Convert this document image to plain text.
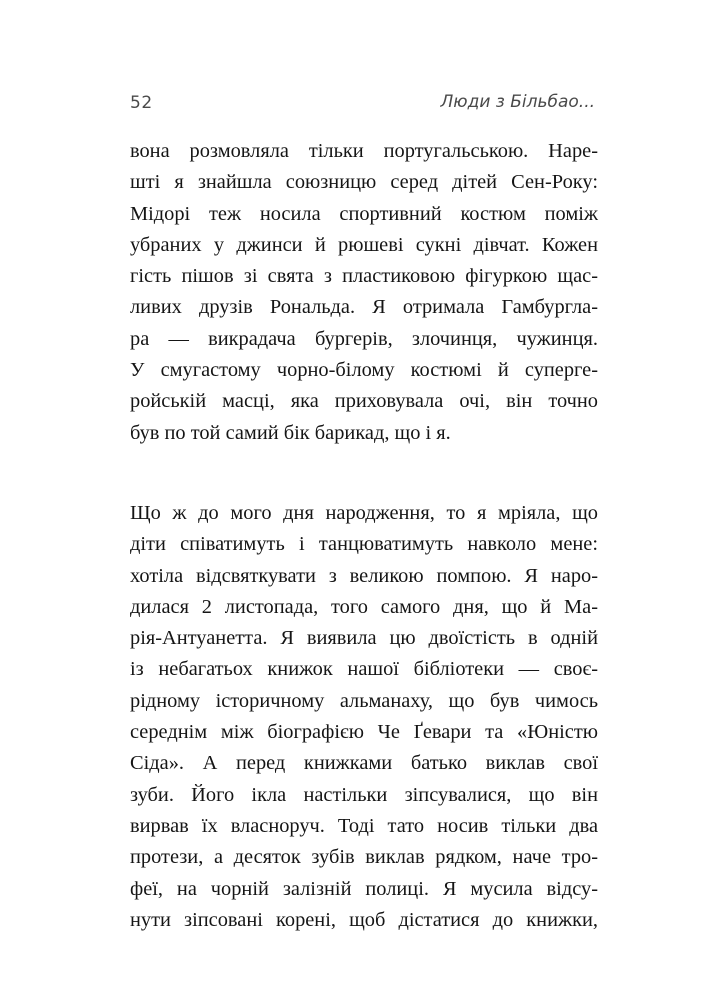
52	Люди з Більбао...
вона розмовляла тільки португальською. Наре-
шті я знайшла союзницю серед дітей Сен-Року:
Мідорі теж носила спортивний костюм поміж
убраних у джинси й рюшеві сукні дівчат. Кожен
гість пішов зі свята з пластиковою фігуркою щас-
ливих друзів Рональда. Я отримала Гамбургла-
ра — викрадача бургерів, злочинця, чужинця.
У смугастому чорно-білому костюмі й суперге-
ройській масці, яка приховувала очі, він точно
був по той самий бік барикад, що і я.
Що ж до мого дня народження, то я мріяла, що
діти співатимуть і танцюватимуть навколо мене:
хотіла відсвяткувати з великою помпою. Я наро-
дилася 2 листопада, того самого дня, що й Ма-
рія-Антуанетта. Я виявила цю двоїстість в одній
із небагатьох книжок нашої бібліотеки — своє-
рідному історичному альманаху, що був чимось
середнім між біографією Че Ґевари та «Юністю
Сіда». А перед книжками батько виклав свої
зуби. Його ікла настільки зіпсувалися, що він
вирвав їх власноруч. Тоді тато носив тільки два
протези, а десяток зубів виклав рядком, наче тро-
феї, на чорній залізній полиці. Я мусила відсу-
нути зіпсовані корені, щоб дістатися до книжки,
